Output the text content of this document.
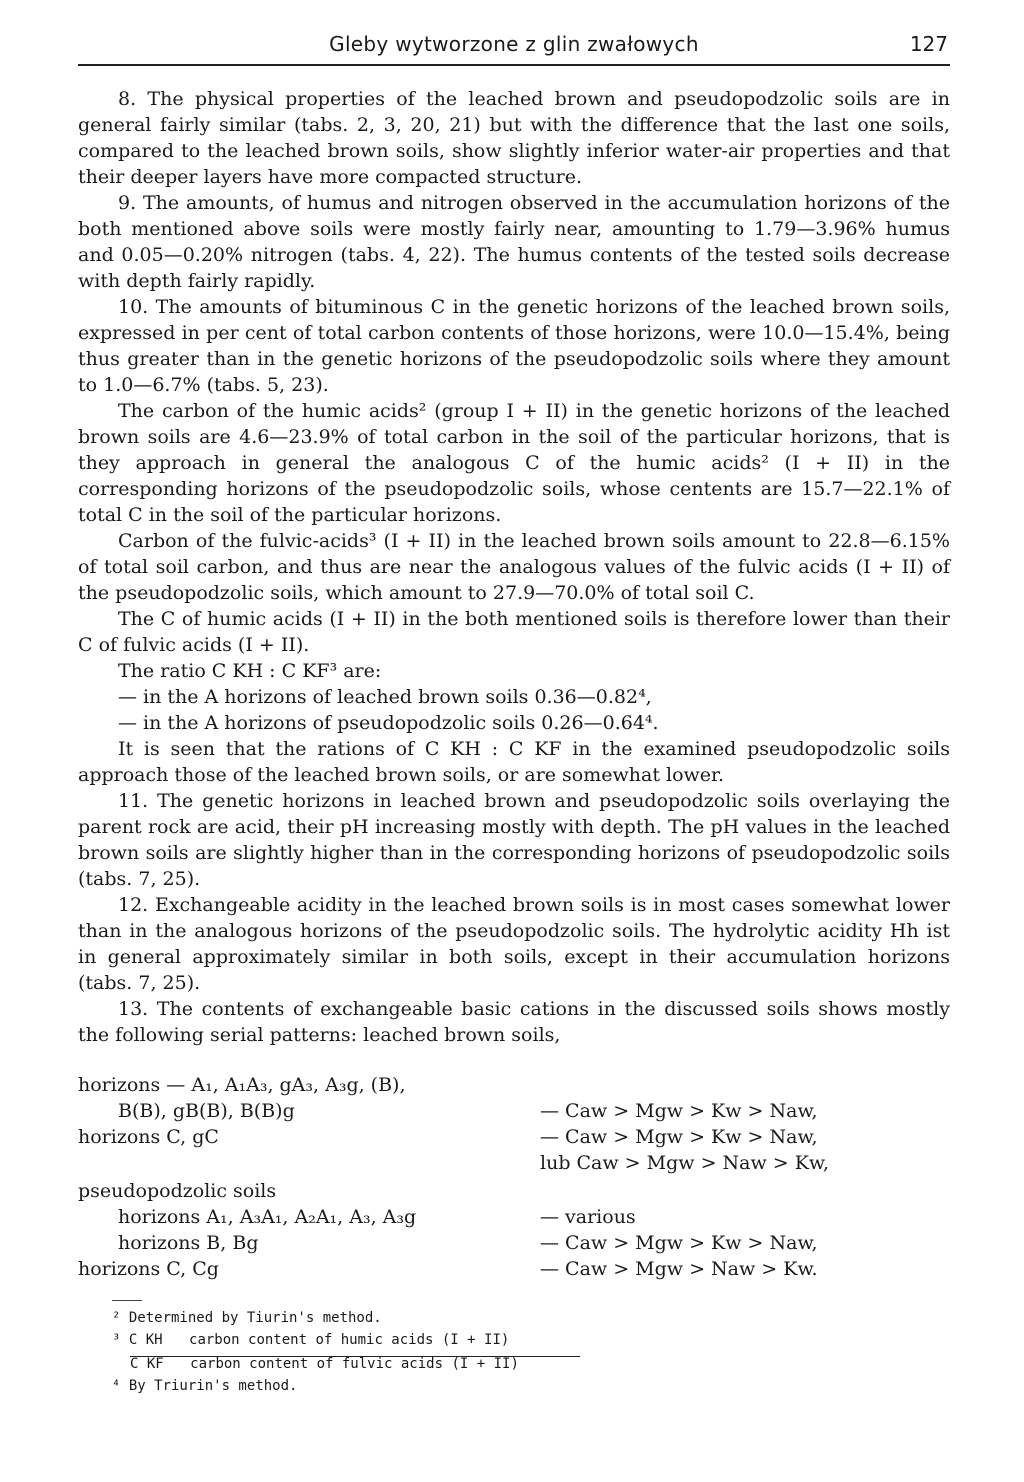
Gleby wytworzone z glin zwałowych	127

8. The physical properties of the leached brown and pseudopodzolic soils are in general fairly similar (tabs. 2, 3, 20, 21) but with the difference that the last one soils, compared to the leached brown soils, show slightly inferior water-air properties and that their deeper layers have more compacted structure.

9. The amounts, of humus and nitrogen observed in the accumulation horizons of the both mentioned above soils were mostly fairly near, amounting to 1.79—3.96% humus and 0.05—0.20% nitrogen (tabs. 4, 22). The humus contents of the tested soils decrease with depth fairly rapidly.

10. The amounts of bituminous C in the genetic horizons of the leached brown soils, expressed in per cent of total carbon contents of those horizons, were 10.0—15.4%, being thus greater than in the genetic horizons of the pseudopodzolic soils where they amount to 1.0—6.7% (tabs. 5, 23).

The carbon of the humic acids² (group I + II) in the genetic horizons of the leached brown soils are 4.6—23.9% of total carbon in the soil of the particular horizons, that is they approach in general the analogous C of the humic acids² (I + II) in the corresponding horizons of the pseudopodzolic soils, whose centents are 15.7—22.1% of total C in the soil of the particular horizons.

Carbon of the fulvic-acids³ (I + II) in the leached brown soils amount to 22.8—6.15% of total soil carbon, and thus are near the analogous values of the fulvic acids (I + II) of the pseudopodzolic soils, which amount to 27.9—70.0% of total soil C.

The C of humic acids (I + II) in the both mentioned soils is therefore lower than their C of fulvic acids (I + II).

The ratio C KH : C KF³ are:

— in the A horizons of leached brown soils 0.36—0.82⁴,

— in the A horizons of pseudopodzolic soils 0.26—0.64⁴.

It is seen that the rations of C KH : C KF in the examined pseudopodzolic soils approach those of the leached brown soils, or are somewhat lower.

11. The genetic horizons in leached brown and pseudopodzolic soils overlaying the parent rock are acid, their pH increasing mostly with depth. The pH values in the leached brown soils are slightly higher than in the corresponding horizons of pseudopodzolic soils (tabs. 7, 25).

12. Exchangeable acidity in the leached brown soils is in most cases somewhat lower than in the analogous horizons of the pseudopodzolic soils. The hydrolytic acidity Hh ist in general approximately similar in both soils, except in their accumulation horizons (tabs. 7, 25).

13. The contents of exchangeable basic cations in the discussed soils shows mostly the following serial patterns: leached brown soils,

horizons — A₁, A₁A₃, gA₃, A₃g, (B),
B(B), gB(B), B(B)g	— Caw > Mgw > Kw > Naw,
horizons C, gC	— Caw > Mgw > Kw > Naw,
lub Caw > Mgw > Naw > Kw,
pseudopodzolic soils
horizons A₁, A₃A₁, A₂A₁, A₃, A₃g	— various
horizons B, Bg	— Caw > Mgw > Kw > Naw,
horizons C, Cg	— Caw > Mgw > Naw > Kw.
² Determined by Tiurin's method.
³ C KH carbon content of humic acids (I + II)
C KF carbon content of fulvic acids (I + II)
⁴ By Triurin's method.
